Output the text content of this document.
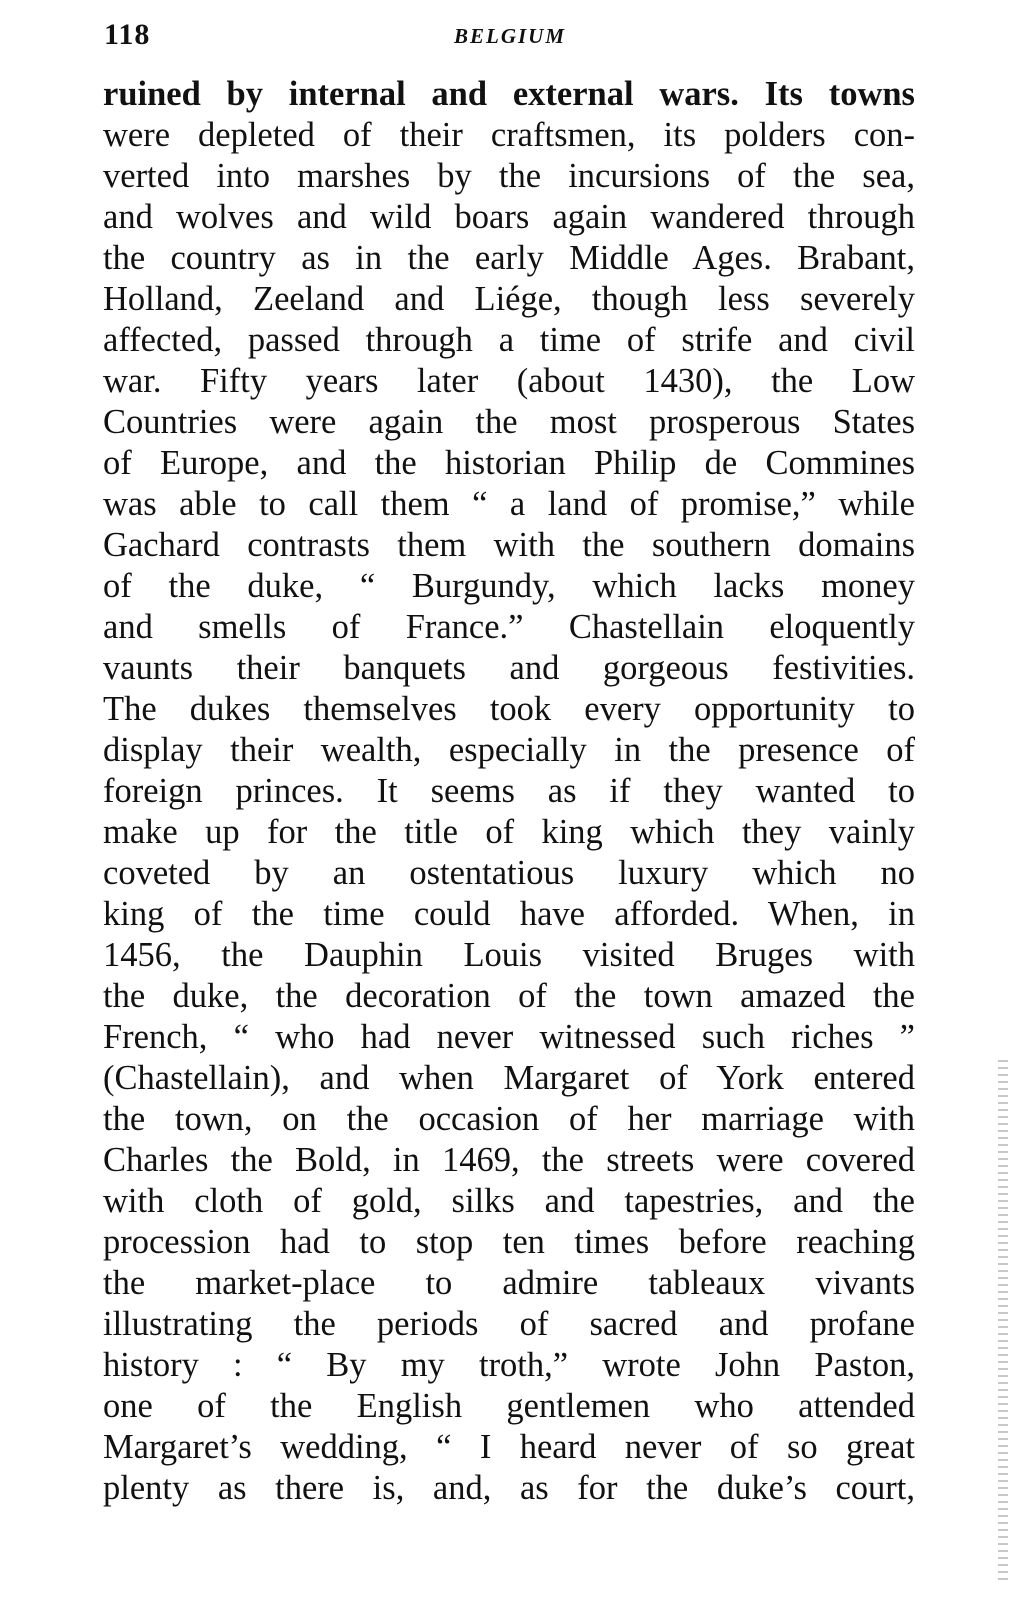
118	BELGIUM
ruined by internal and external wars. Its towns
were depleted of their craftsmen, its polders con-
verted into marshes by the incursions of the sea,
and wolves and wild boars again wandered through
the country as in the early Middle Ages. Brabant,
Holland, Zeeland and Liége, though less severely
affected, passed through a time of strife and civil
war. Fifty years later (about 1430), the Low
Countries were again the most prosperous States
of Europe, and the historian Philip de Commines
was able to call them “ a land of promise,” while
Gachard contrasts them with the southern domains
of the duke, “ Burgundy, which lacks money
and smells of France.” Chastellain eloquently
vaunts their banquets and gorgeous festivities.
The dukes themselves took every opportunity to
display their wealth, especially in the presence of
foreign princes. It seems as if they wanted to
make up for the title of king which they vainly
coveted by an ostentatious luxury which no
king of the time could have afforded. When, in
1456, the Dauphin Louis visited Bruges with
the duke, the decoration of the town amazed the
French, “ who had never witnessed such riches ”
(Chastellain), and when Margaret of York entered
the town, on the occasion of her marriage with
Charles the Bold, in 1469, the streets were covered
with cloth of gold, silks and tapestries, and the
procession had to stop ten times before reaching
the market-place to admire tableaux vivants
illustrating the periods of sacred and profane
history : “ By my troth,” wrote John Paston,
one of the English gentlemen who attended
Margaret’s wedding, “ I heard never of so great
plenty as there is, and, as for the duke’s court,
